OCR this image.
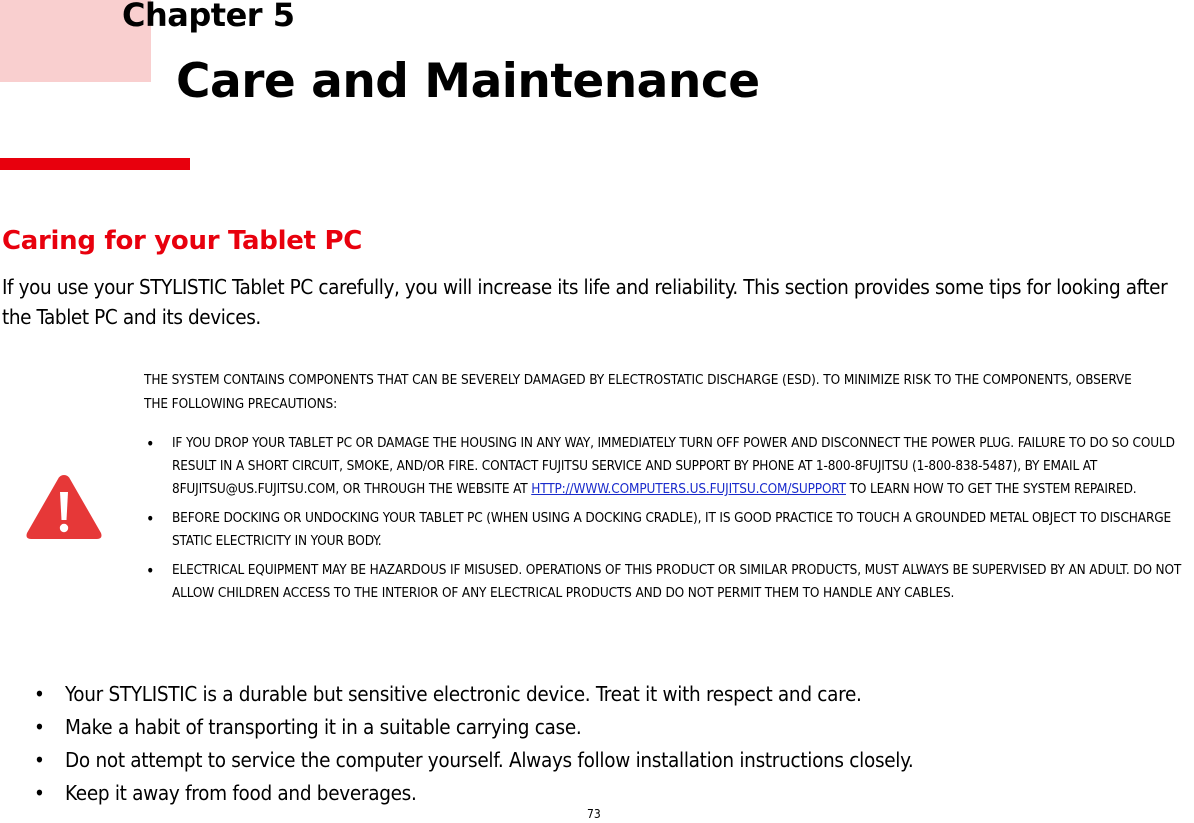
Chapter 5
Care and Maintenance
Caring for your Tablet PC
If you use your STYLISTIC Tablet PC carefully, you will increase its life and reliability. This section provides some tips for looking after the Tablet PC and its devices.
THE SYSTEM CONTAINS COMPONENTS THAT CAN BE SEVERELY DAMAGED BY ELECTROSTATIC DISCHARGE (ESD). TO MINIMIZE RISK TO THE COMPONENTS, OBSERVE THE FOLLOWING PRECAUTIONS:
• IF YOU DROP YOUR TABLET PC OR DAMAGE THE HOUSING IN ANY WAY, IMMEDIATELY TURN OFF POWER AND DISCONNECT THE POWER PLUG. FAILURE TO DO SO COULD RESULT IN A SHORT CIRCUIT, SMOKE, AND/OR FIRE. CONTACT FUJITSU SERVICE AND SUPPORT BY PHONE AT 1-800-8FUJITSU (1-800-838-5487), BY EMAIL AT 8FUJITSU@US.FUJITSU.COM, OR THROUGH THE WEBSITE AT HTTP://WWW.COMPUTERS.US.FUJITSU.COM/SUPPORT TO LEARN HOW TO GET THE SYSTEM REPAIRED.
• BEFORE DOCKING OR UNDOCKING YOUR TABLET PC (WHEN USING A DOCKING CRADLE), IT IS GOOD PRACTICE TO TOUCH A GROUNDED METAL OBJECT TO DISCHARGE STATIC ELECTRICITY IN YOUR BODY.
• ELECTRICAL EQUIPMENT MAY BE HAZARDOUS IF MISUSED. OPERATIONS OF THIS PRODUCT OR SIMILAR PRODUCTS, MUST ALWAYS BE SUPERVISED BY AN ADULT. DO NOT ALLOW CHILDREN ACCESS TO THE INTERIOR OF ANY ELECTRICAL PRODUCTS AND DO NOT PERMIT THEM TO HANDLE ANY CABLES.
• Your STYLISTIC is a durable but sensitive electronic device. Treat it with respect and care.
• Make a habit of transporting it in a suitable carrying case.
• Do not attempt to service the computer yourself. Always follow installation instructions closely.
• Keep it away from food and beverages.
73
